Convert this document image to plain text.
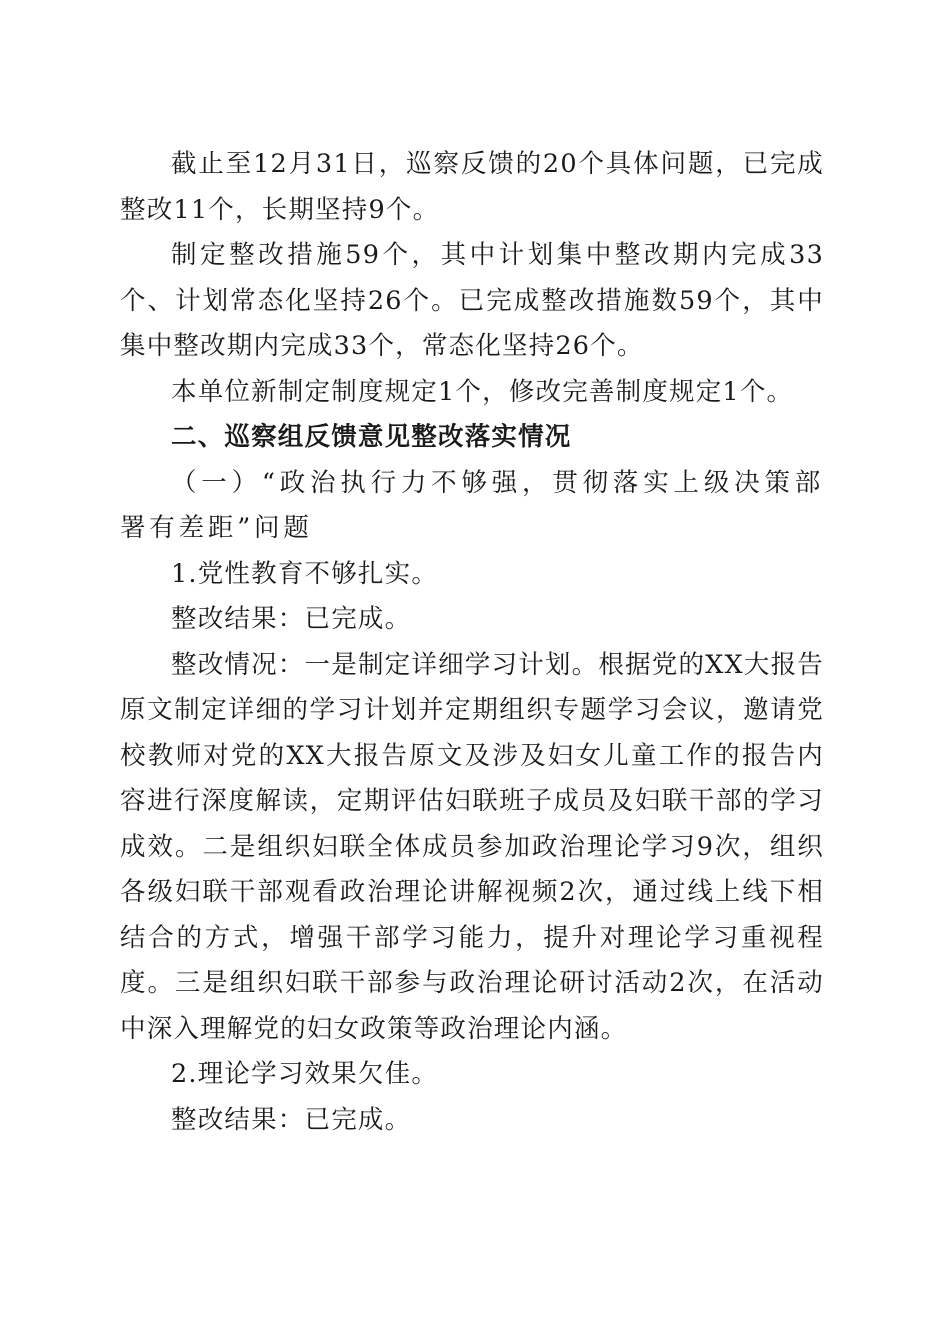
截止至12月31日，巡察反馈的20个具体问题，已完成整改11个，长期坚持9个。

制定整改措施59个，其中计划集中整改期内完成33个、计划常态化坚持26个。已完成整改措施数59个，其中集中整改期内完成33个，常态化坚持26个。

本单位新制定制度规定1个，修改完善制度规定1个。

二、巡察组反馈意见整改落实情况

（一）“政治执行力不够强，贯彻落实上级决策部署有差距”问题

1.党性教育不够扎实。

整改结果：已完成。

整改情况：一是制定详细学习计划。根据党的XX大报告原文制定详细的学习计划并定期组织专题学习会议，邀请党校教师对党的XX大报告原文及涉及妇女儿童工作的报告内容进行深度解读，定期评估妇联班子成员及妇联干部的学习成效。二是组织妇联全体成员参加政治理论学习9次，组织各级妇联干部观看政治理论讲解视频2次，通过线上线下相结合的方式，增强干部学习能力，提升对理论学习重视程度。三是组织妇联干部参与政治理论研讨活动2次，在活动中深入理解党的妇女政策等政治理论内涵。

2.理论学习效果欠佳。

整改结果：已完成。
